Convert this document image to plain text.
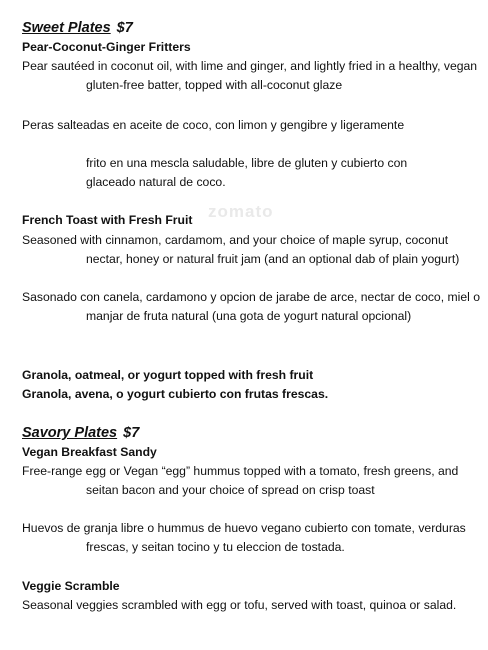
zomato
Sweet Plates $7
Pear-Coconut-Ginger Fritters

Pear sautéed in coconut oil, with lime and ginger, and lightly fried in a healthy, vegan gluten-free batter, topped with all-coconut glaze

Peras salteadas en aceite de coco, con limon y gengibre y ligeramente

frito en una mescla saludable, libre de gluten y cubierto con glaceado natural de coco.

French Toast with Fresh Fruit

Seasoned with cinnamon, cardamom, and your choice of maple syrup, coconut nectar, honey or natural fruit jam (and an optional dab of plain yogurt)

Sasonado con canela, cardamono y opcion de jarabe de arce, nectar de coco, miel o manjar de fruta natural (una gota de yogurt natural opcional)

Granola, oatmeal, or yogurt topped with fresh fruit
Granola, avena, o yogurt cubierto con frutas frescas.
Savory Plates $7
Vegan Breakfast Sandy

Free-range egg or Vegan “egg” hummus topped with a tomato, fresh greens, and seitan bacon and your choice of spread on crisp toast

Huevos de granja libre o hummus de huevo vegano cubierto con tomate, verduras frescas, y seitan tocino y tu eleccion de tostada.

Veggie Scramble

Seasonal veggies scrambled with egg or tofu, served with toast, quinoa or salad.
